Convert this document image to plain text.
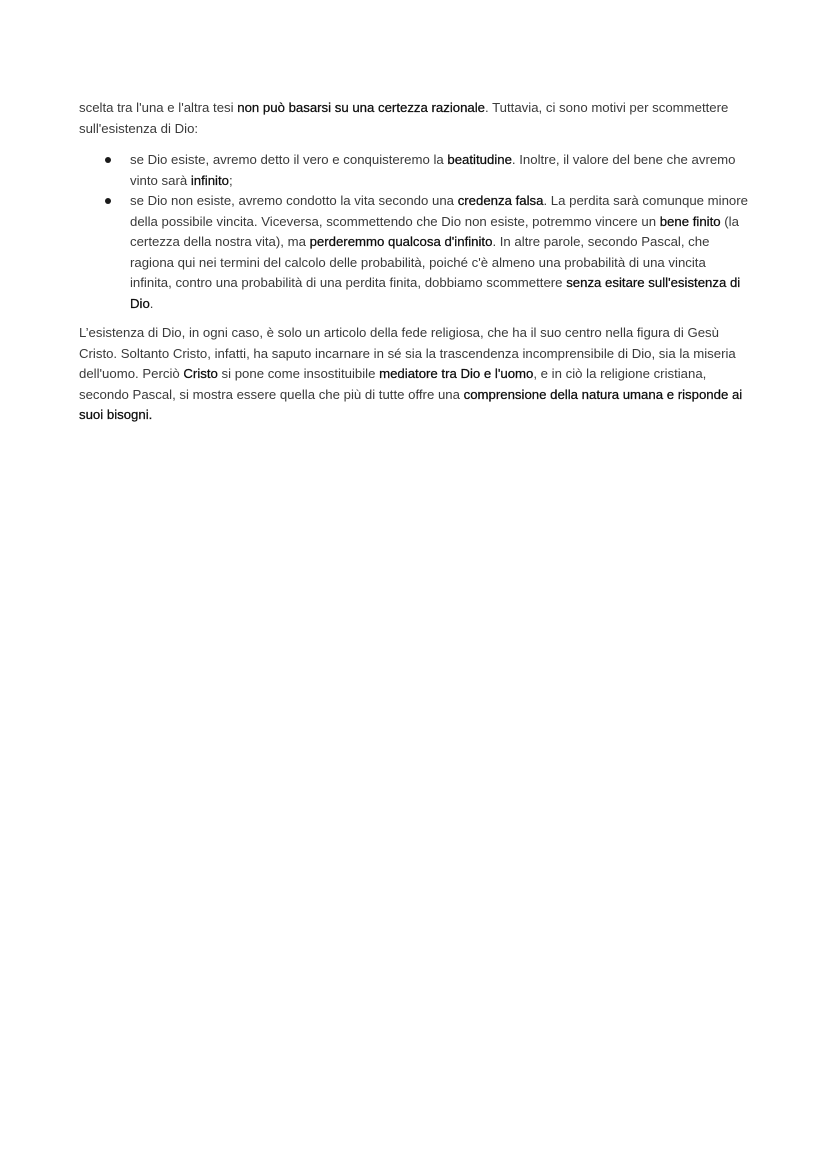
scelta tra l'una e l'altra tesi non può basarsi su una certezza razionale. Tuttavia, ci sono motivi per scommettere sull'esistenza di Dio:

se Dio esiste, avremo detto il vero e conquisteremo la beatitudine. Inoltre, il valore del bene che avremo vinto sarà infinito;
se Dio non esiste, avremo condotto la vita secondo una credenza falsa. La perdita sarà comunque minore della possibile vincita. Viceversa, scommettendo che Dio non esiste, potremmo vincere un bene finito (la certezza della nostra vita), ma perderemmo qualcosa d'infinito. In altre parole, secondo Pascal, che ragiona qui nei termini del calcolo delle probabilità, poiché c'è almeno una probabilità di una vincita infinita, contro una probabilità di una perdita finita, dobbiamo scommettere senza esitare sull'esistenza di Dio.

L’esistenza di Dio, in ogni caso, è solo un articolo della fede religiosa, che ha il suo centro nella figura di Gesù Cristo. Soltanto Cristo, infatti, ha saputo incarnare in sé sia la trascendenza incomprensibile di Dio, sia la miseria dell'uomo. Perciò Cristo si pone come insostituibile mediatore tra Dio e l'uomo, e in ciò la religione cristiana, secondo Pascal, si mostra essere quella che più di tutte offre una comprensione della natura umana e risponde ai suoi bisogni.
